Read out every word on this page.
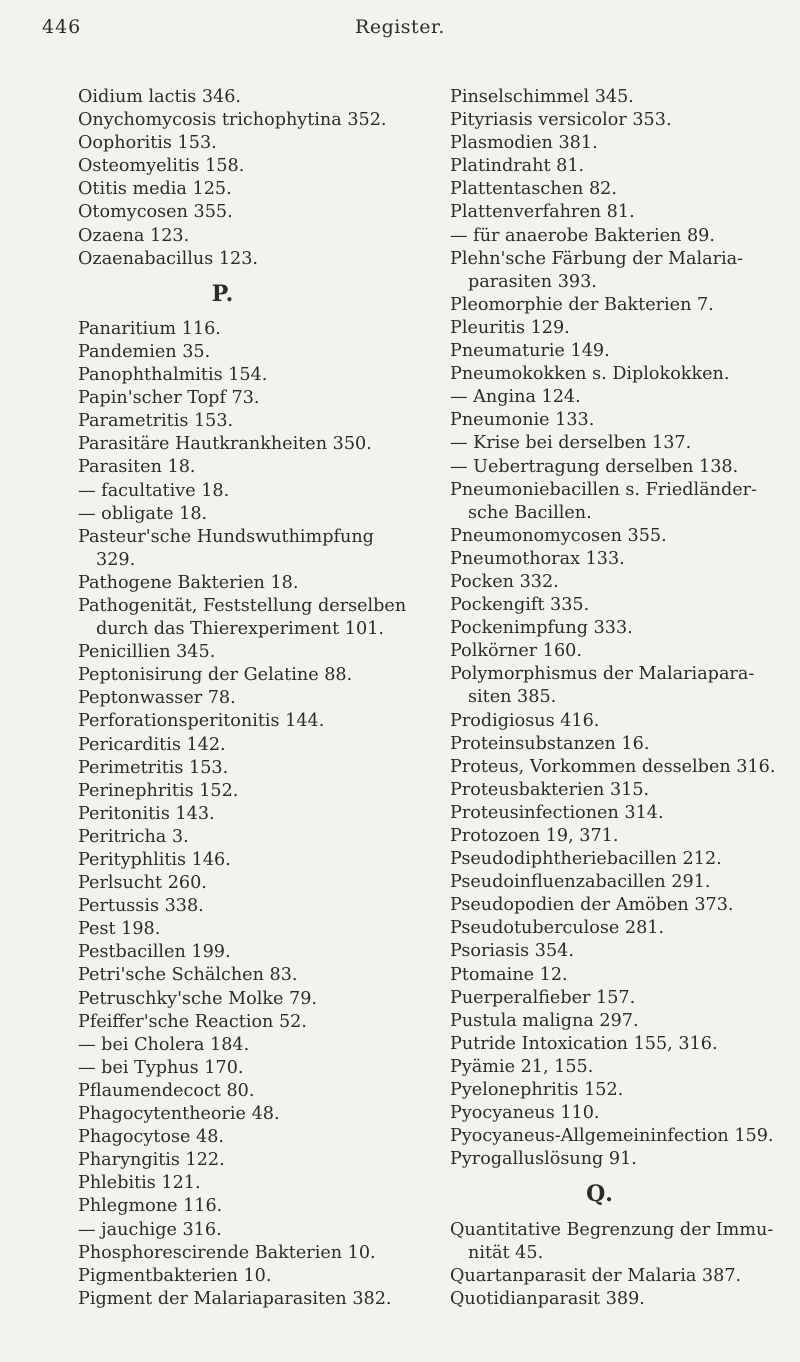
446	Register.
Oidium lactis 346.
Onychomycosis trichophytina 352.
Oophoritis 153.
Osteomyelitis 158.
Otitis media 125.
Otomycosen 355.
Ozaena 123.
Ozaenabacillus 123.
P.
Panaritium 116.
Pandemien 35.
Panophthalmitis 154.
Papin'scher Topf 73.
Parametritis 153.
Parasitäre Hautkrankheiten 350.
Parasiten 18.
— facultative 18.
— obligate 18.
Pasteur'sche Hundswuthimpfung
329.
Pathogene Bakterien 18.
Pathogenität, Feststellung derselben
durch das Thierexperiment 101.
Penicillien 345.
Peptonisirung der Gelatine 88.
Peptonwasser 78.
Perforationsperitonitis 144.
Pericarditis 142.
Perimetritis 153.
Perinephritis 152.
Peritonitis 143.
Peritricha 3.
Perityphlitis 146.
Perlsucht 260.
Pertussis 338.
Pest 198.
Pestbacillen 199.
Petri'sche Schälchen 83.
Petruschky'sche Molke 79.
Pfeiffer'sche Reaction 52.
— bei Cholera 184.
— bei Typhus 170.
Pflaumendecoct 80.
Phagocytentheorie 48.
Phagocytose 48.
Pharyngitis 122.
Phlebitis 121.
Phlegmone 116.
— jauchige 316.
Phosphorescirende Bakterien 10.
Pigmentbakterien 10.
Pigment der Malariaparasiten 382.
Pinselschimmel 345.
Pityriasis versicolor 353.
Plasmodien 381.
Platindraht 81.
Plattentaschen 82.
Plattenverfahren 81.
— für anaerobe Bakterien 89.
Plehn'sche Färbung der Malaria-
parasiten 393.
Pleomorphie der Bakterien 7.
Pleuritis 129.
Pneumaturie 149.
Pneumokokken s. Diplokokken.
— Angina 124.
Pneumonie 133.
— Krise bei derselben 137.
— Uebertragung derselben 138.
Pneumoniebacillen s. Friedländer-
sche Bacillen.
Pneumonomycosen 355.
Pneumothorax 133.
Pocken 332.
Pockengift 335.
Pockenimpfung 333.
Polkörner 160.
Polymorphismus der Malariapara-
siten 385.
Prodigiosus 416.
Proteinsubstanzen 16.
Proteus, Vorkommen desselben 316.
Proteusbakterien 315.
Proteusinfectionen 314.
Protozoen 19, 371.
Pseudodiphtheriebacillen 212.
Pseudoinfluenzabacillen 291.
Pseudopodien der Amöben 373.
Pseudotuberculose 281.
Psoriasis 354.
Ptomaine 12.
Puerperalfieber 157.
Pustula maligna 297.
Putride Intoxication 155, 316.
Pyämie 21, 155.
Pyelonephritis 152.
Pyocyaneus 110.
Pyocyaneus-Allgemeininfection 159.
Pyrogalluslösung 91.
Q.
Quantitative Begrenzung der Immu-
nität 45.
Quartanparasit der Malaria 387.
Quotidianparasit 389.
